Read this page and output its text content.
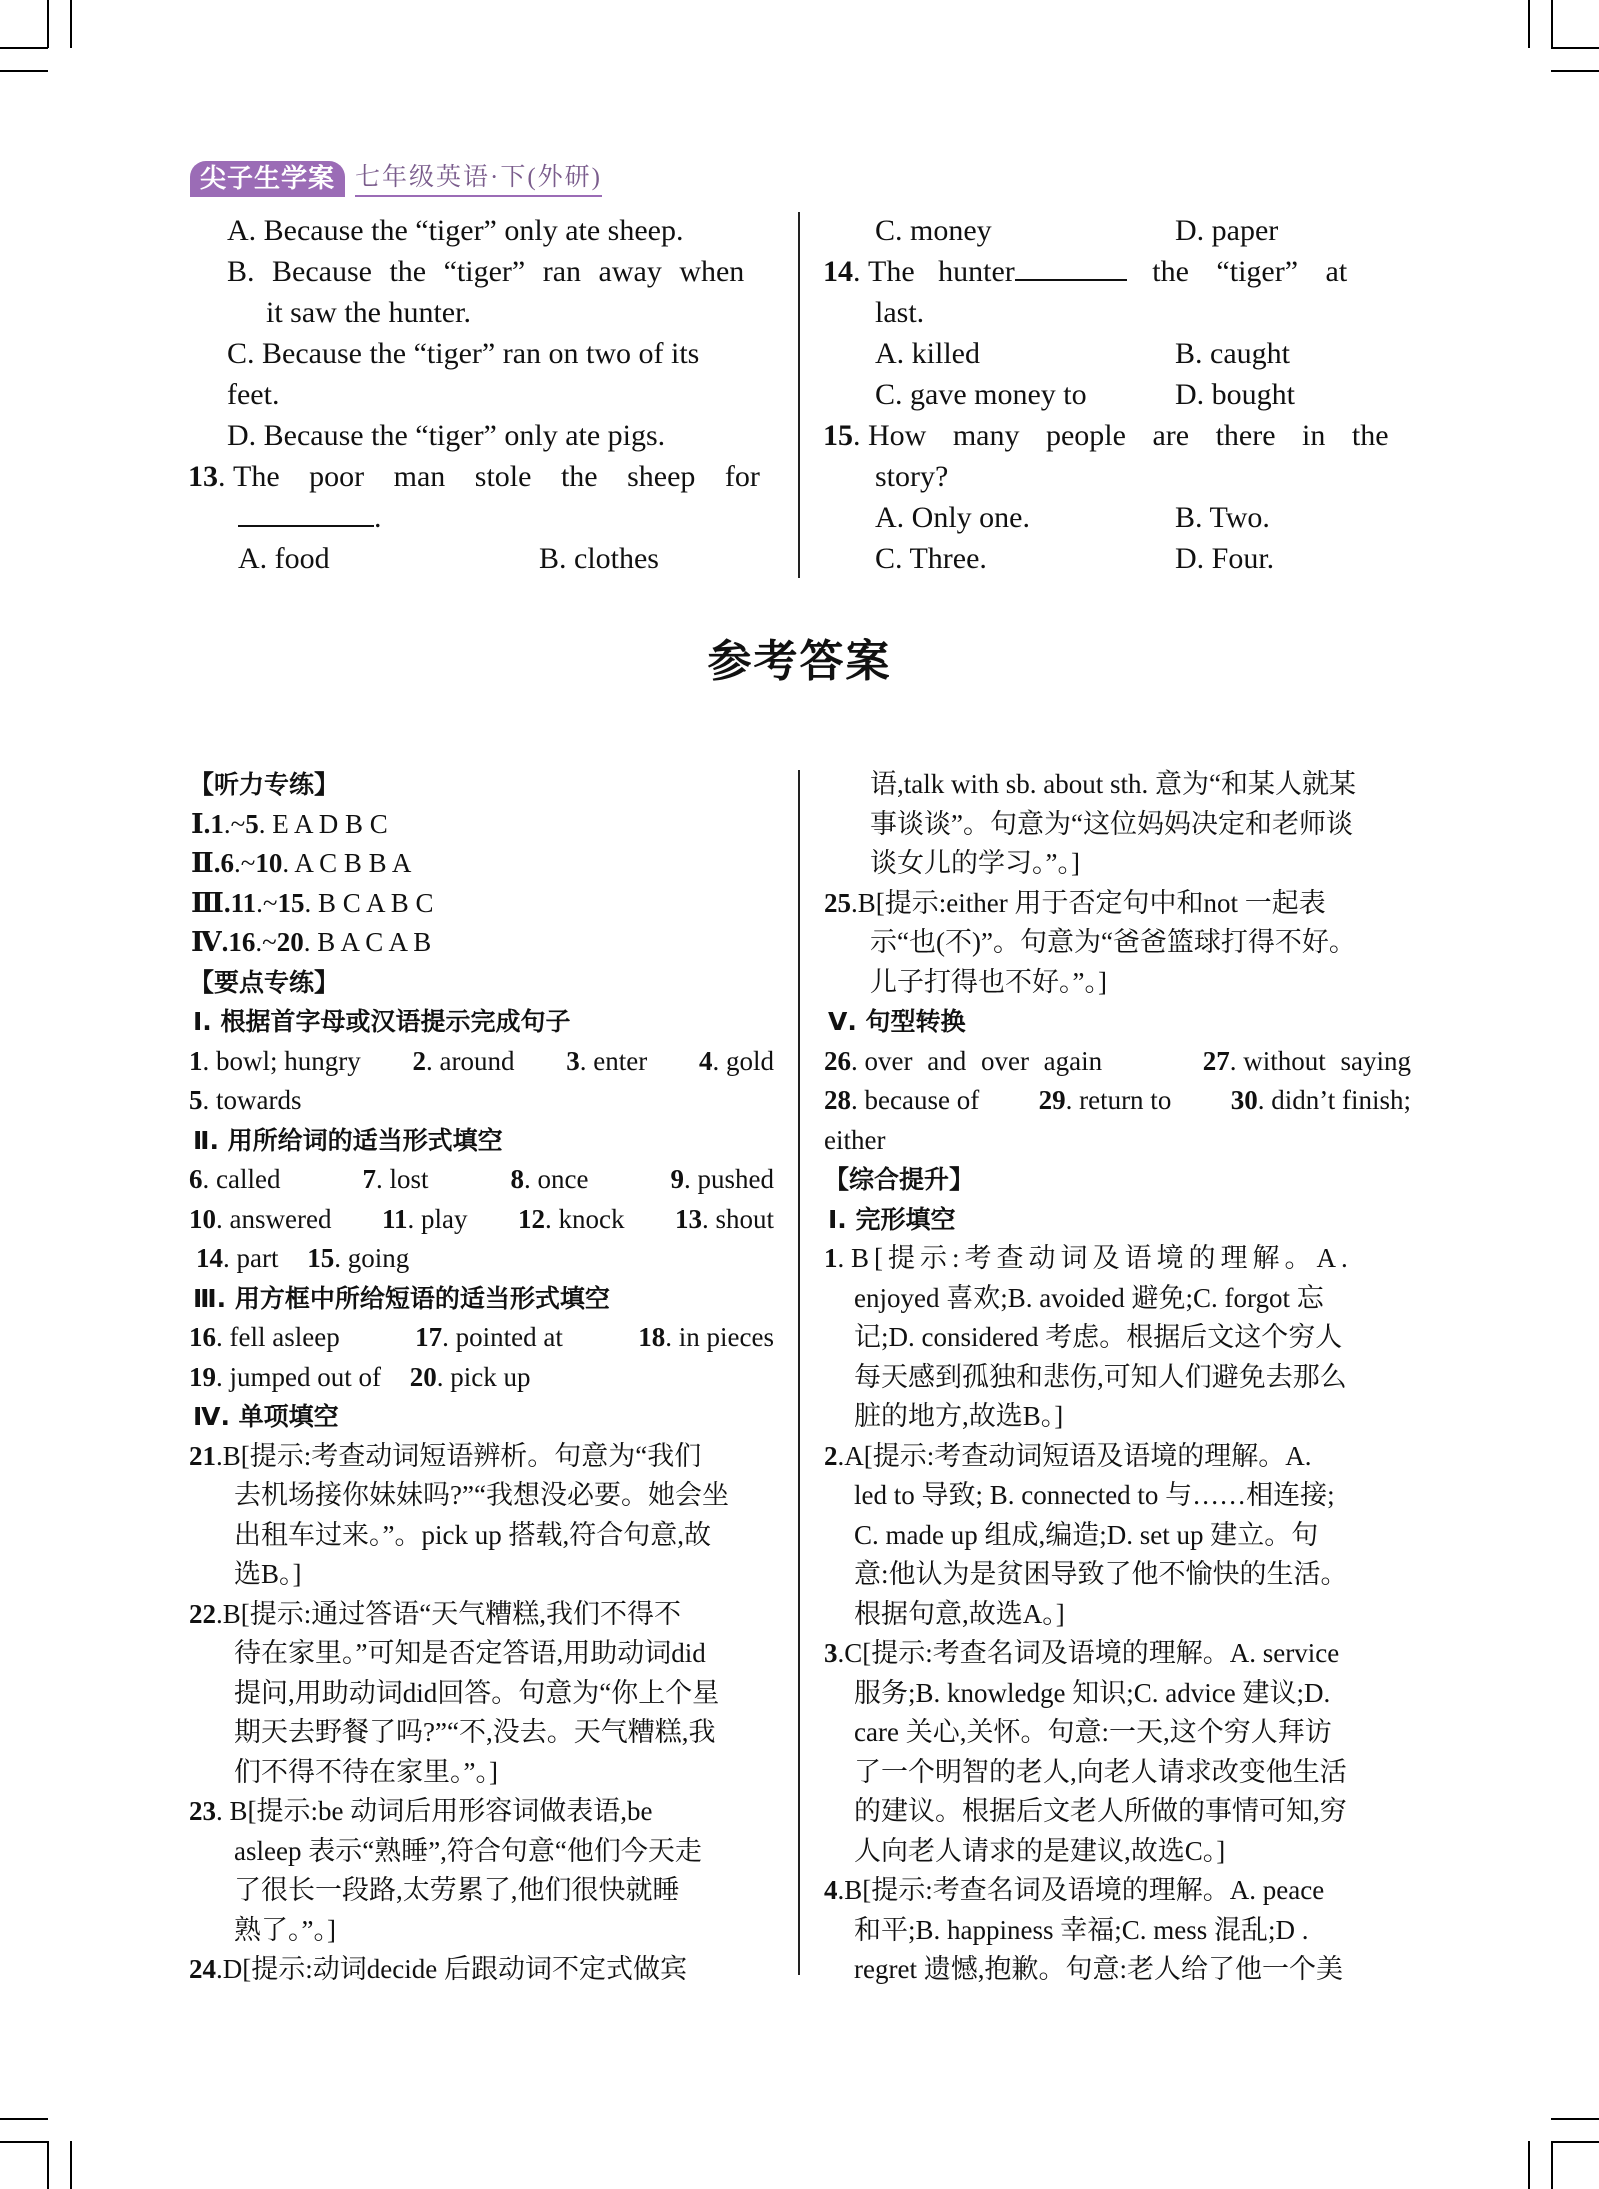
尖子生学案 七年级英语·下(外研)
A. Because the “tiger” only ate sheep.
B. Because the “tiger” ran away when
it saw the hunter.
C. Because the “tiger” ran on two of its
feet.
D. Because the “tiger” only ate pigs.
13. The poor man stole the sheep for
.
A. food	B. clothes
C. money	D. paper
14. The hunter	the “tiger” at
last.
A. killed	B. caught
C. gave money to	D. bought
15. How many people are there in the
story?
A. Only one.	B. Two.
C. Three.	D. Four.
参考答案
【听力专练】
Ⅰ.1.~5. E A D B C
Ⅱ.6.~10. A C B B A
Ⅲ.11.~15. B C A B C
Ⅳ.16.~20. B A C A B
【要点专练】
Ⅰ. 根据首字母或汉语提示完成句子
1. bowl; hungry 2. around 3. enter 4. gold
5. towards
Ⅱ. 用所给词的适当形式填空
6. called	7. lost	8. once	9. pushed
10. answered 11. play 12. knock 13. shout
14. part 15. going
Ⅲ. 用方框中所给短语的适当形式填空
16. fell asleep	17. pointed at	18. in pieces
19. jumped out of 20. pick up
Ⅳ. 单项填空
21.B[提示:考查动词短语辨析。句意为“我们
去机场接你妹妹吗?”“我想没必要。她会坐
出租车过来。”。pick up 搭载,符合句意,故
选B。]
22.B[提示:通过答语“天气糟糕,我们不得不
待在家里。”可知是否定答语,用助动词did
提问,用助动词did回答。句意为“你上个星
期天去野餐了吗?”“不,没去。天气糟糕,我
们不得不待在家里。”。]
23. B[提示:be 动词后用形容词做表语,be
asleep 表示“熟睡”,符合句意“他们今天走
了很长一段路,太劳累了,他们很快就睡
熟了。”。]
24.D[提示:动词decide 后跟动词不定式做宾
语,talk with sb. about sth. 意为“和某人就某
事谈谈”。句意为“这位妈妈决定和老师谈
谈女儿的学习。”。]
25.B[提示:either 用于否定句中和not 一起表
示“也(不)”。句意为“爸爸篮球打得不好。
儿子打得也不好。”。]
Ⅴ. 句型转换
26. over and over again	27. without saying
28. because of 29. return to 30. didn’t finish;
either
【综合提升】
Ⅰ. 完形填空
1. B[提示:考查动词及语境的理解。A.
enjoyed 喜欢;B. avoided 避免;C. forgot 忘
记;D. considered 考虑。根据后文这个穷人
每天感到孤独和悲伤,可知人们避免去那么
脏的地方,故选B。]
2.A[提示:考查动词短语及语境的理解。A.
led to 导致; B. connected to 与……相连接;
C. made up 组成,编造;D. set up 建立。句
意:他认为是贫困导致了他不愉快的生活。
根据句意,故选A。]
3.C[提示:考查名词及语境的理解。A. service
服务;B. knowledge 知识;C. advice 建议;D.
care 关心,关怀。句意:一天,这个穷人拜访
了一个明智的老人,向老人请求改变他生活
的建议。根据后文老人所做的事情可知,穷
人向老人请求的是建议,故选C。]
4.B[提示:考查名词及语境的理解。A. peace
和平;B. happiness 幸福;C. mess 混乱;D .
regret 遗憾,抱歉。句意:老人给了他一个美
